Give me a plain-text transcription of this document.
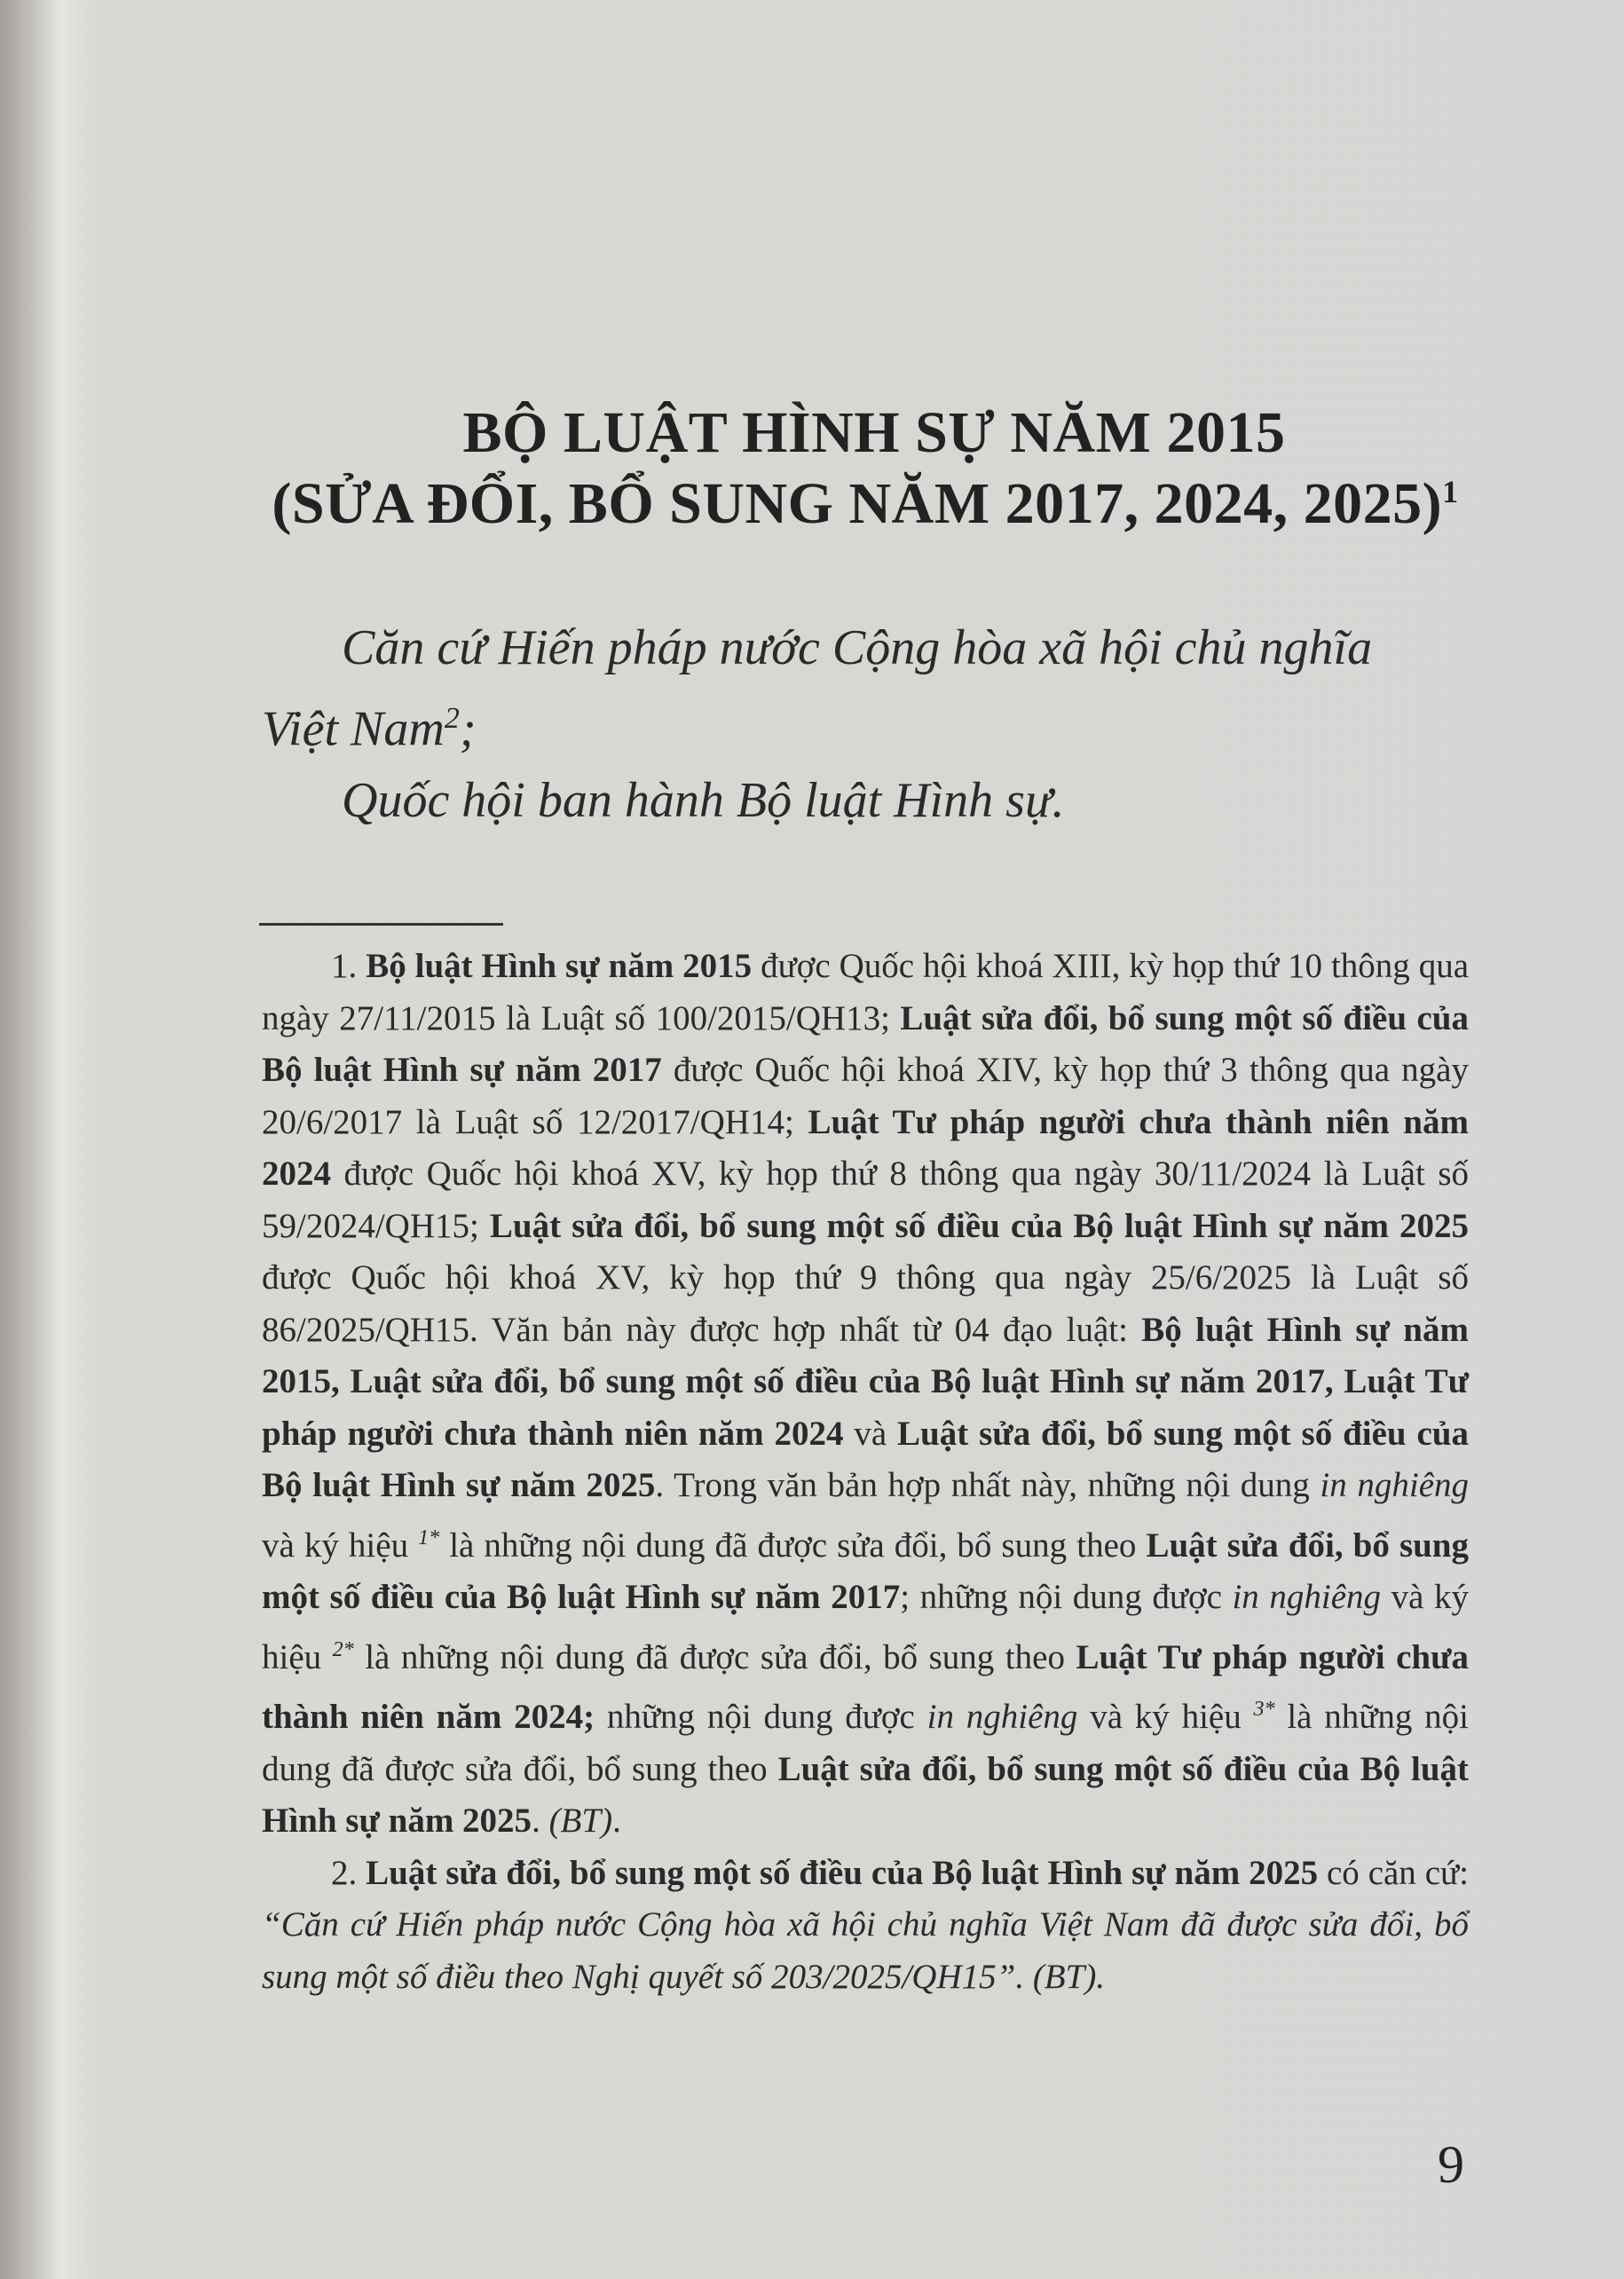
BỘ LUẬT HÌNH SỰ NĂM 2015
(SỬA ĐỔI, BỔ SUNG NĂM 2017, 2024, 2025)$^1$

Căn cứ Hiến pháp nước Cộng hòa xã hội chủ nghĩa

Việt Nam$^2$;

Quốc hội ban hành Bộ luật Hình sự.

1. Bộ luật Hình sự năm 2015 được Quốc hội khoá XIII, kỳ họp thứ 10 thông qua ngày 27/11/2015 là Luật số 100/2015/QH13; Luật sửa đổi, bổ sung một số điều của Bộ luật Hình sự năm 2017 được Quốc hội khoá XIV, kỳ họp thứ 3 thông qua ngày 20/6/2017 là Luật số 12/2017/QH14; Luật Tư pháp người chưa thành niên năm 2024 được Quốc hội khoá XV, kỳ họp thứ 8 thông qua ngày 30/11/2024 là Luật số 59/2024/QH15; Luật sửa đổi, bổ sung một số điều của Bộ luật Hình sự năm 2025 được Quốc hội khoá XV, kỳ họp thứ 9 thông qua ngày 25/6/2025 là Luật số 86/2025/QH15. Văn bản này được hợp nhất từ 04 đạo luật: Bộ luật Hình sự năm 2015, Luật sửa đổi, bổ sung một số điều của Bộ luật Hình sự năm 2017, Luật Tư pháp người chưa thành niên năm 2024 và Luật sửa đổi, bổ sung một số điều của Bộ luật Hình sự năm 2025. Trong văn bản hợp nhất này, những nội dung in nghiêng và ký hiệu $^{1*}$ là những nội dung đã được sửa đổi, bổ sung theo Luật sửa đổi, bổ sung một số điều của Bộ luật Hình sự năm 2017; những nội dung được in nghiêng và ký hiệu $^{2*}$ là những nội dung đã được sửa đổi, bổ sung theo Luật Tư pháp người chưa thành niên năm 2024; những nội dung được in nghiêng và ký hiệu $^{3*}$ là những nội dung đã được sửa đổi, bổ sung theo Luật sửa đổi, bổ sung một số điều của Bộ luật Hình sự năm 2025. (BT).

2. Luật sửa đổi, bổ sung một số điều của Bộ luật Hình sự năm 2025 có căn cứ: “Căn cứ Hiến pháp nước Cộng hòa xã hội chủ nghĩa Việt Nam đã được sửa đổi, bổ sung một số điều theo Nghị quyết số 203/2025/QH15”. (BT).

9
